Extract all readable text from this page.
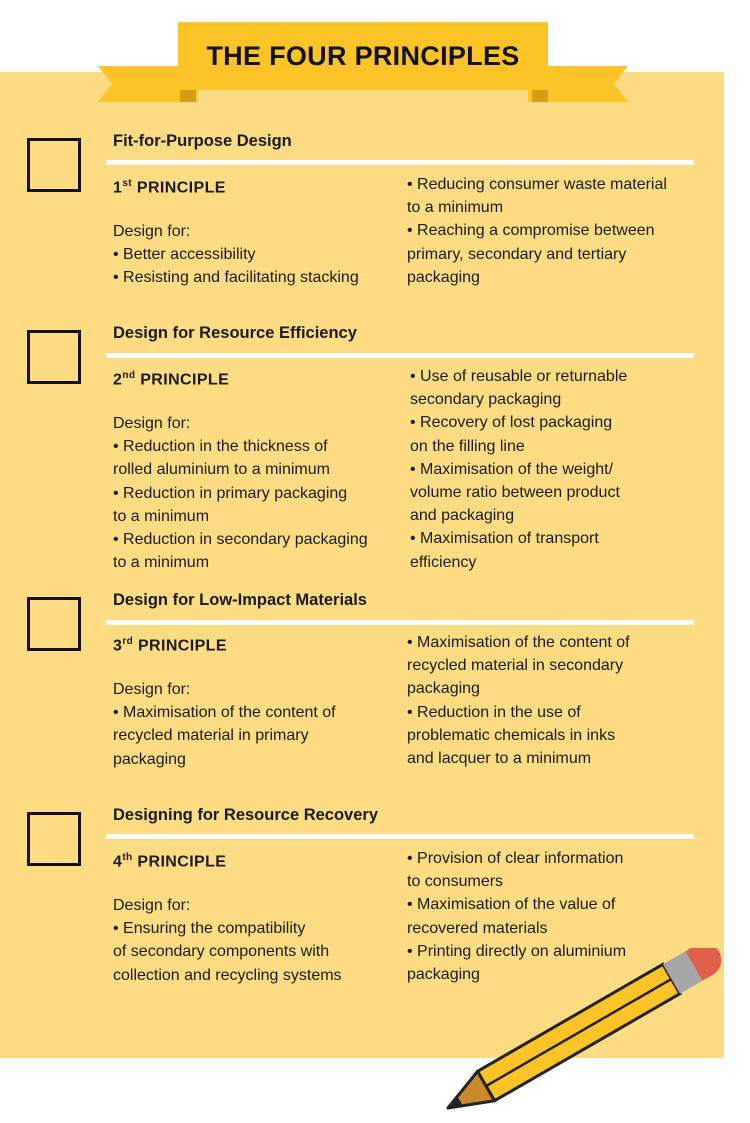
THE FOUR PRINCIPLES
Fit-for-Purpose Design
1st PRINCIPLE

Design for:

• Better accessibility

• Resisting and facilitating stacking

• Reducing consumer waste material

to a minimum

• Reaching a compromise between

primary, secondary and tertiary

packaging

Design for Resource Efficiency
2nd PRINCIPLE

Design for:

• Reduction in the thickness of

rolled aluminium to a minimum

• Reduction in primary packaging

to a minimum

• Reduction in secondary packaging

to a minimum

• Use of reusable or returnable

secondary packaging

• Recovery of lost packaging

on the filling line

• Maximisation of the weight/

volume ratio between product

and packaging

• Maximisation of transport

efficiency

Design for Low-Impact Materials
3rd PRINCIPLE

Design for:

• Maximisation of the content of

recycled material in primary

packaging

• Maximisation of the content of

recycled material in secondary

packaging

• Reduction in the use of

problematic chemicals in inks

and lacquer to a minimum

Designing for Resource Recovery
4th PRINCIPLE

Design for:

• Ensuring the compatibility

of secondary components with

collection and recycling systems

• Provision of clear information

to consumers

• Maximisation of the value of

recovered materials

• Printing directly on aluminium

packaging
